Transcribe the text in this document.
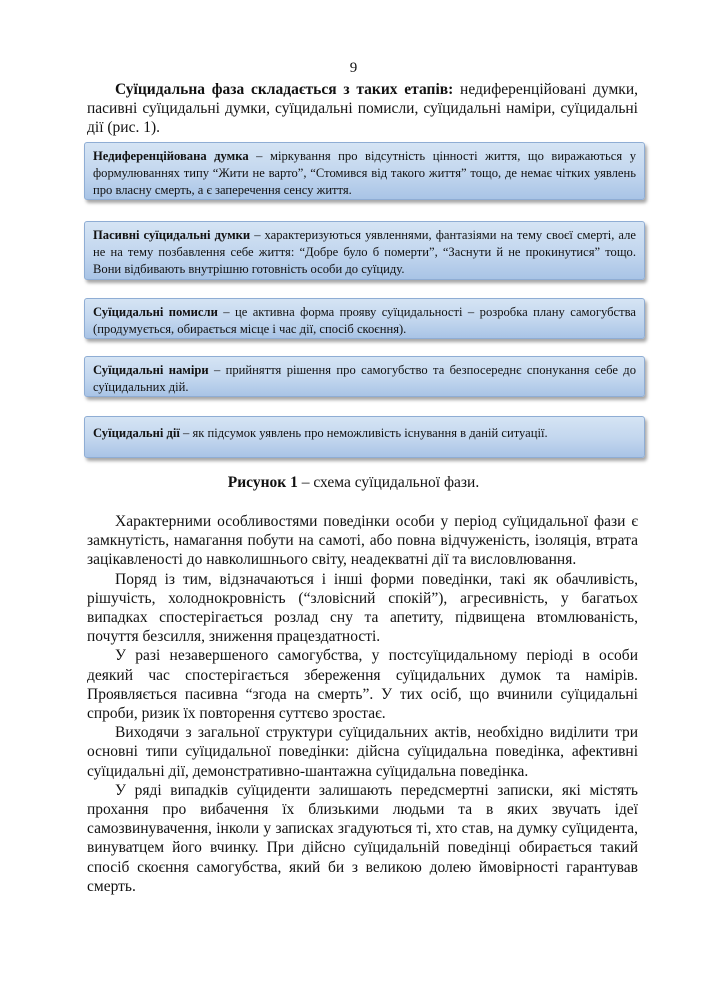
9

Суїцидальна фаза складається з таких етапів: недиференційовані думки, пасивні суїцидальні думки, суїцидальні помисли, суїцидальні наміри, суїцидальні дії (рис. 1).

Недиференційована думка – міркування про відсутність цінності життя, що виражаються у формулюваннях типу “Жити не варто”, “Стомився від такого життя” тощо, де немає чітких уявлень про власну смерть, а є заперечення сенсу життя.
Пасивні суїцидальні думки – характеризуються уявленнями, фантазіями на тему своєї смерті, але не на тему позбавлення себе життя: “Добре було б померти”, “Заснути й не прокинутися” тощо. Вони відбивають внутрішню готовність особи до суїциду.
Суїцидальні помисли – це активна форма прояву суїцидальності – розробка плану самогубства (продумується, обирається місце і час дії, спосіб скоєння).
Суїцидальні наміри – прийняття рішення про самогубство та безпосереднє спонукання себе до суїцидальних дій.
Суїцидальні дії – як підсумок уявлень про неможливість існування в даній ситуації.
Рисунок 1 – схема суїцидальної фази.

Характерними особливостями поведінки особи у період суїцидальної фази є замкнутість, намагання побути на самоті, або повна відчуженість, ізоляція, втрата зацікавленості до навколишнього світу, неадекватні дії та висловлювання.

Поряд із тим, відзначаються і інші форми поведінки, такі як обачливість, рішучість, холоднокровність (“зловісний спокій”), агресивність, у багатьох випадках спостерігається розлад сну та апетиту, підвищена втомлюваність, почуття безсилля, зниження працездатності.

У разі незавершеного самогубства, у постсуїцидальному періоді в особи деякий час спостерігається збереження суїцидальних думок та намірів. Проявляється пасивна “згода на смерть”. У тих осіб, що вчинили суїцидальні спроби, ризик їх повторення суттєво зростає.

Виходячи з загальної структури суїцидальних актів, необхідно виділити три основні типи суїцидальної поведінки: дійсна суїцидальна поведінка, афективні суїцидальні дії, демонстративно-шантажна суїцидальна поведінка.

У ряді випадків суїциденти залишають передсмертні записки, які містять прохання про вибачення їх близькими людьми та в яких звучать ідеї самозвинувачення, інколи у записках згадуються ті, хто став, на думку суїцидента, винуватцем його вчинку. При дійсно суїцидальній поведінці обирається такий спосіб скоєння самогубства, який би з великою долею ймовірності гарантував смерть.
